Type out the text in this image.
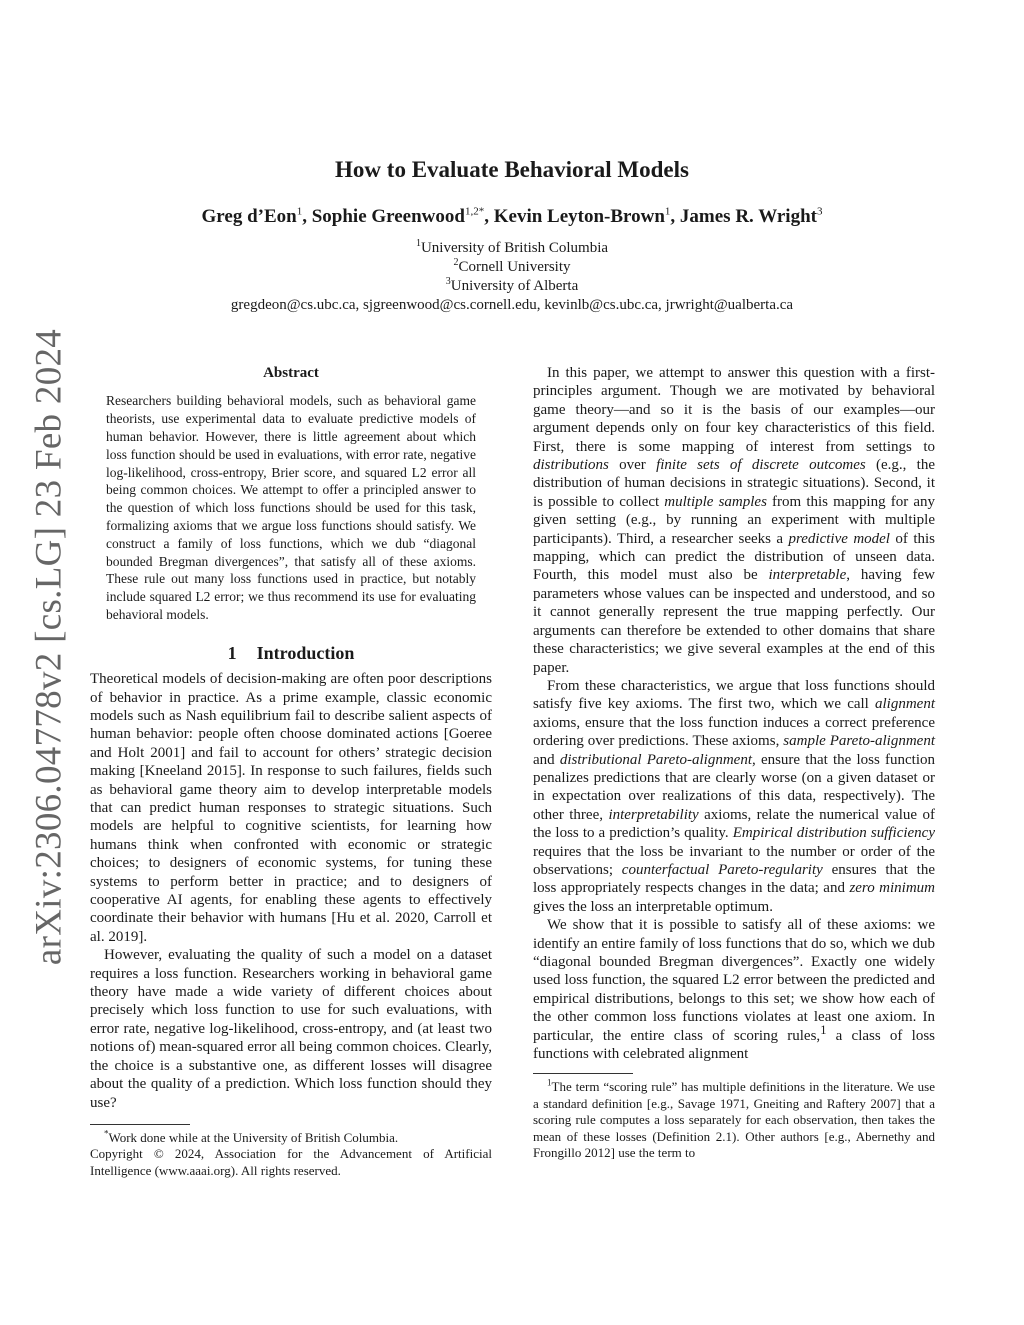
arXiv:2306.04778v2 [cs.LG] 23 Feb 2024
How to Evaluate Behavioral Models
Greg d’Eon$^1$, Sophie Greenwood$^{1,2*}$, Kevin Leyton-Brown$^1$, James R. Wright$^3$
$^1$University of British Columbia
$^2$Cornell University
$^3$University of Alberta
gregdeon@cs.ubc.ca, sjgreenwood@cs.cornell.edu, kevinlb@cs.ubc.ca, jrwright@ualberta.ca
Abstract

Researchers building behavioral models, such as behavioral game theorists, use experimental data to evaluate predictive models of human behavior. However, there is little agreement about which loss function should be used in evaluations, with error rate, negative log-likelihood, cross-entropy, Brier score, and squared L2 error all being common choices. We attempt to offer a principled answer to the question of which loss functions should be used for this task, formalizing axioms that we argue loss functions should satisfy. We construct a family of loss functions, which we dub “diagonal bounded Bregman divergences”, that satisfy all of these axioms. These rule out many loss functions used in practice, but notably include squared L2 error; we thus recommend its use for evaluating behavioral models.

1 Introduction

Theoretical models of decision-making are often poor descriptions of behavior in practice. As a prime example, classic economic models such as Nash equilibrium fail to describe salient aspects of human behavior: people often choose dominated actions [Goeree and Holt 2001] and fail to account for others’ strategic decision making [Kneeland 2015]. In response to such failures, fields such as behavioral game theory aim to develop interpretable models that can predict human responses to strategic situations. Such models are helpful to cognitive scientists, for learning how humans think when confronted with economic or strategic choices; to designers of economic systems, for tuning these systems to perform better in practice; and to designers of cooperative AI agents, for enabling these agents to effectively coordinate their behavior with humans [Hu et al. 2020, Carroll et al. 2019].

However, evaluating the quality of such a model on a dataset requires a loss function. Researchers working in behavioral game theory have made a wide variety of different choices about precisely which loss function to use for such evaluations, with error rate, negative log-likelihood, cross-entropy, and (at least two notions of) mean-squared error all being common choices. Clearly, the choice is a substantive one, as different losses will disagree about the quality of a prediction. Which loss function should they use?

*Work done while at the University of British Columbia.
Copyright © 2024, Association for the Advancement of Artificial Intelligence (www.aaai.org). All rights reserved.

In this paper, we attempt to answer this question with a first-principles argument. Though we are motivated by behavioral game theory—and so it is the basis of our examples—our argument depends only on four key characteristics of this field. First, there is some mapping of interest from settings to distributions over finite sets of discrete outcomes (e.g., the distribution of human decisions in strategic situations). Second, it is possible to collect multiple samples from this mapping for any given setting (e.g., by running an experiment with multiple participants). Third, a researcher seeks a predictive model of this mapping, which can predict the distribution of unseen data. Fourth, this model must also be interpretable, having few parameters whose values can be inspected and understood, and so it cannot generally represent the true mapping perfectly. Our arguments can therefore be extended to other domains that share these characteristics; we give several examples at the end of this paper.

From these characteristics, we argue that loss functions should satisfy five key axioms. The first two, which we call alignment axioms, ensure that the loss function induces a correct preference ordering over predictions. These axioms, sample Pareto-alignment and distributional Pareto-alignment, ensure that the loss function penalizes predictions that are clearly worse (on a given dataset or in expectation over realizations of this data, respectively). The other three, interpretability axioms, relate the numerical value of the loss to a prediction’s quality. Empirical distribution sufficiency requires that the loss be invariant to the number or order of the observations; counterfactual Pareto-regularity ensures that the loss appropriately respects changes in the data; and zero minimum gives the loss an interpretable optimum.

We show that it is possible to satisfy all of these axioms: we identify an entire family of loss functions that do so, which we dub “diagonal bounded Bregman divergences”. Exactly one widely used loss function, the squared L2 error between the predicted and empirical distributions, belongs to this set; we show how each of the other common loss functions violates at least one axiom. In particular, the entire class of scoring rules,$^1$ a class of loss functions with celebrated alignment

$^1$The term “scoring rule” has multiple definitions in the literature. We use a standard definition [e.g., Savage 1971, Gneiting and Raftery 2007] that a scoring rule computes a loss separately for each observation, then takes the mean of these losses (Definition 2.1). Other authors [e.g., Abernethy and Frongillo 2012] use the term to
